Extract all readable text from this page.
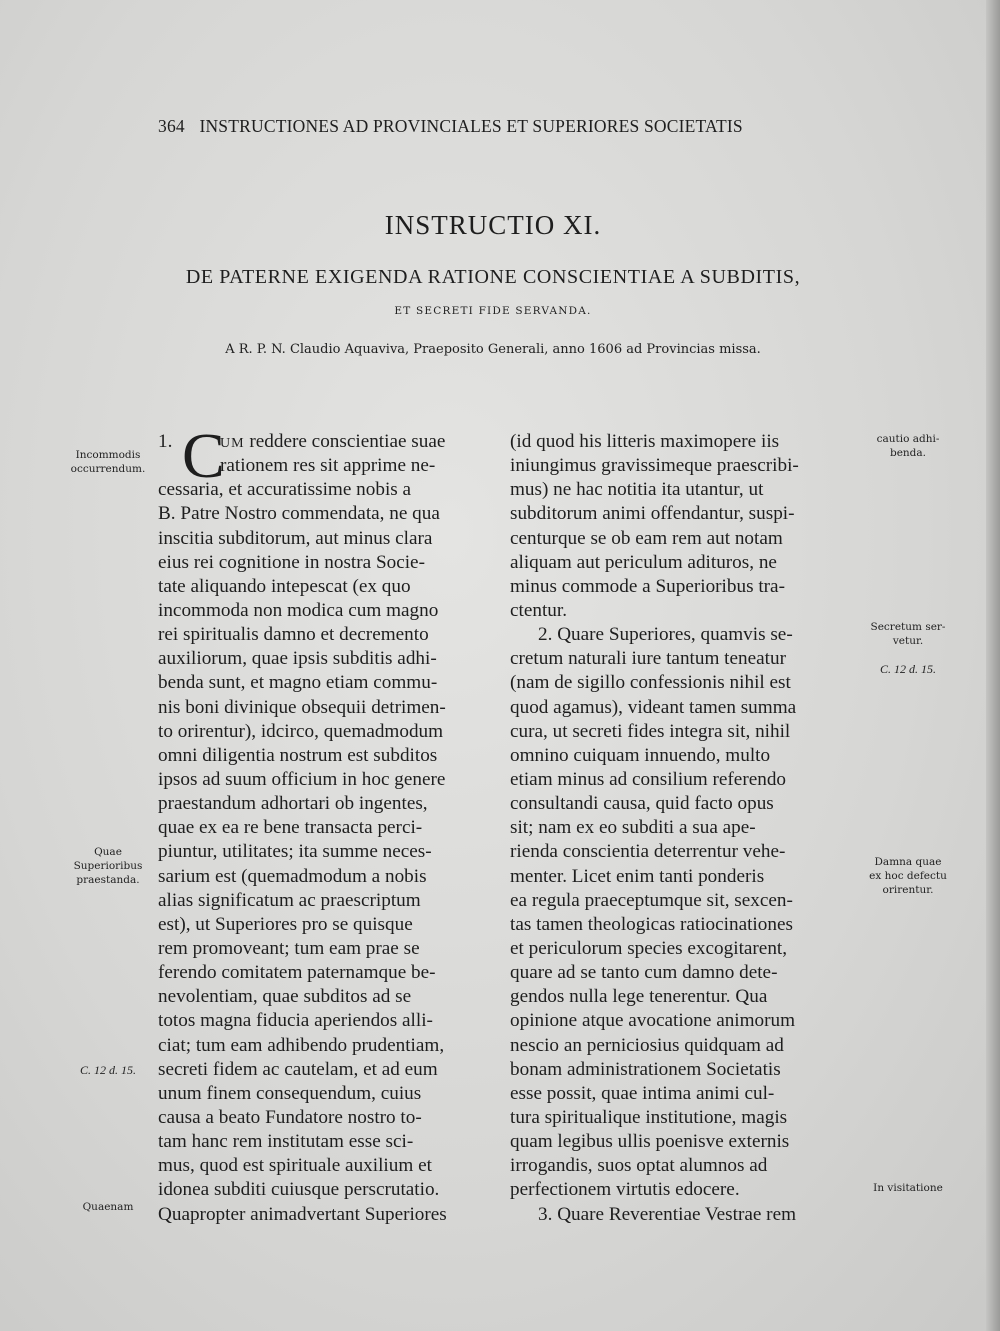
364 INSTRUCTIONES AD PROVINCIALES ET SUPERIORES SOCIETATIS
INSTRUCTIO XI.
DE PATERNE EXIGENDA RATIONE CONSCIENTIAE A SUBDITIS,
ET SECRETI FIDE SERVANDA.
A R. P. N. Claudio Aquaviva, Praeposito Generali, anno 1606 ad Provincias missa.
1. C
UM reddere conscientiae suae
rationem res sit apprime ne-
cessaria, et accuratissime nobis a
B. Patre Nostro commendata, ne qua
inscitia subditorum, aut minus clara
eius rei cognitione in nostra Socie-
tate aliquando intepescat (ex quo
incommoda non modica cum magno
rei spiritualis damno et decremento
auxiliorum, quae ipsis subditis adhi-
benda sunt, et magno etiam commu-
nis boni divinique obsequii detrimen-
to orirentur), idcirco, quemadmodum
omni diligentia nostrum est subditos
ipsos ad suum officium in hoc genere
praestandum adhortari ob ingentes,
quae ex ea re bene transacta perci-
piuntur, utilitates; ita summe neces-
sarium est (quemadmodum a nobis
alias significatum ac praescriptum
est), ut Superiores pro se quisque
rem promoveant; tum eam prae se
ferendo comitatem paternamque be-
nevolentiam, quae subditos ad se
totos magna fiducia aperiendos alli-
ciat; tum eam adhibendo prudentiam,
secreti fidem ac cautelam, et ad eum
unum finem consequendum, cuius
causa a beato Fundatore nostro to-
tam hanc rem institutam esse sci-
mus, quod est spirituale auxilium et
idonea subditi cuiusque perscrutatio.
Quapropter animadvertant Superiores
(id quod his litteris maximopere iis
iniungimus gravissimeque praescribi-
mus) ne hac notitia ita utantur, ut
subditorum animi offendantur, suspi-
centurque se ob eam rem aut notam
aliquam aut periculum adituros, ne
minus commode a Superioribus tra-
ctentur.
2. Quare Superiores, quamvis se-
cretum naturali iure tantum teneatur
(nam de sigillo confessionis nihil est
quod agamus), videant tamen summa
cura, ut secreti fides integra sit, nihil
omnino cuiquam innuendo, multo
etiam minus ad consilium referendo
consultandi causa, quid facto opus
sit; nam ex eo subditi a sua ape-
rienda conscientia deterrentur vehe-
menter. Licet enim tanti ponderis
ea regula praeceptumque sit, sexcen-
tas tamen theologicas ratiocinationes
et periculorum species excogitarent,
quare ad se tanto cum damno dete-
gendos nulla lege tenerentur. Qua
opinione atque avocatione animorum
nescio an perniciosius quidquam ad
bonam administrationem Societatis
esse possit, quae intima animi cul-
tura spiritualique institutione, magis
quam legibus ullis poenisve externis
irrogandis, suos optat alumnos ad
perfectionem virtutis edocere.
3. Quare Reverentiae Vestrae rem
Incommodis
occurrendum.
Quae
Superioribus
praestanda.
C. 12 d. 15.
Quaenam
cautio adhi-
benda.
Secretum ser-
vetur.
C. 12 d. 15.
Damna quae
ex hoc defectu
orirentur.
In visitatione
